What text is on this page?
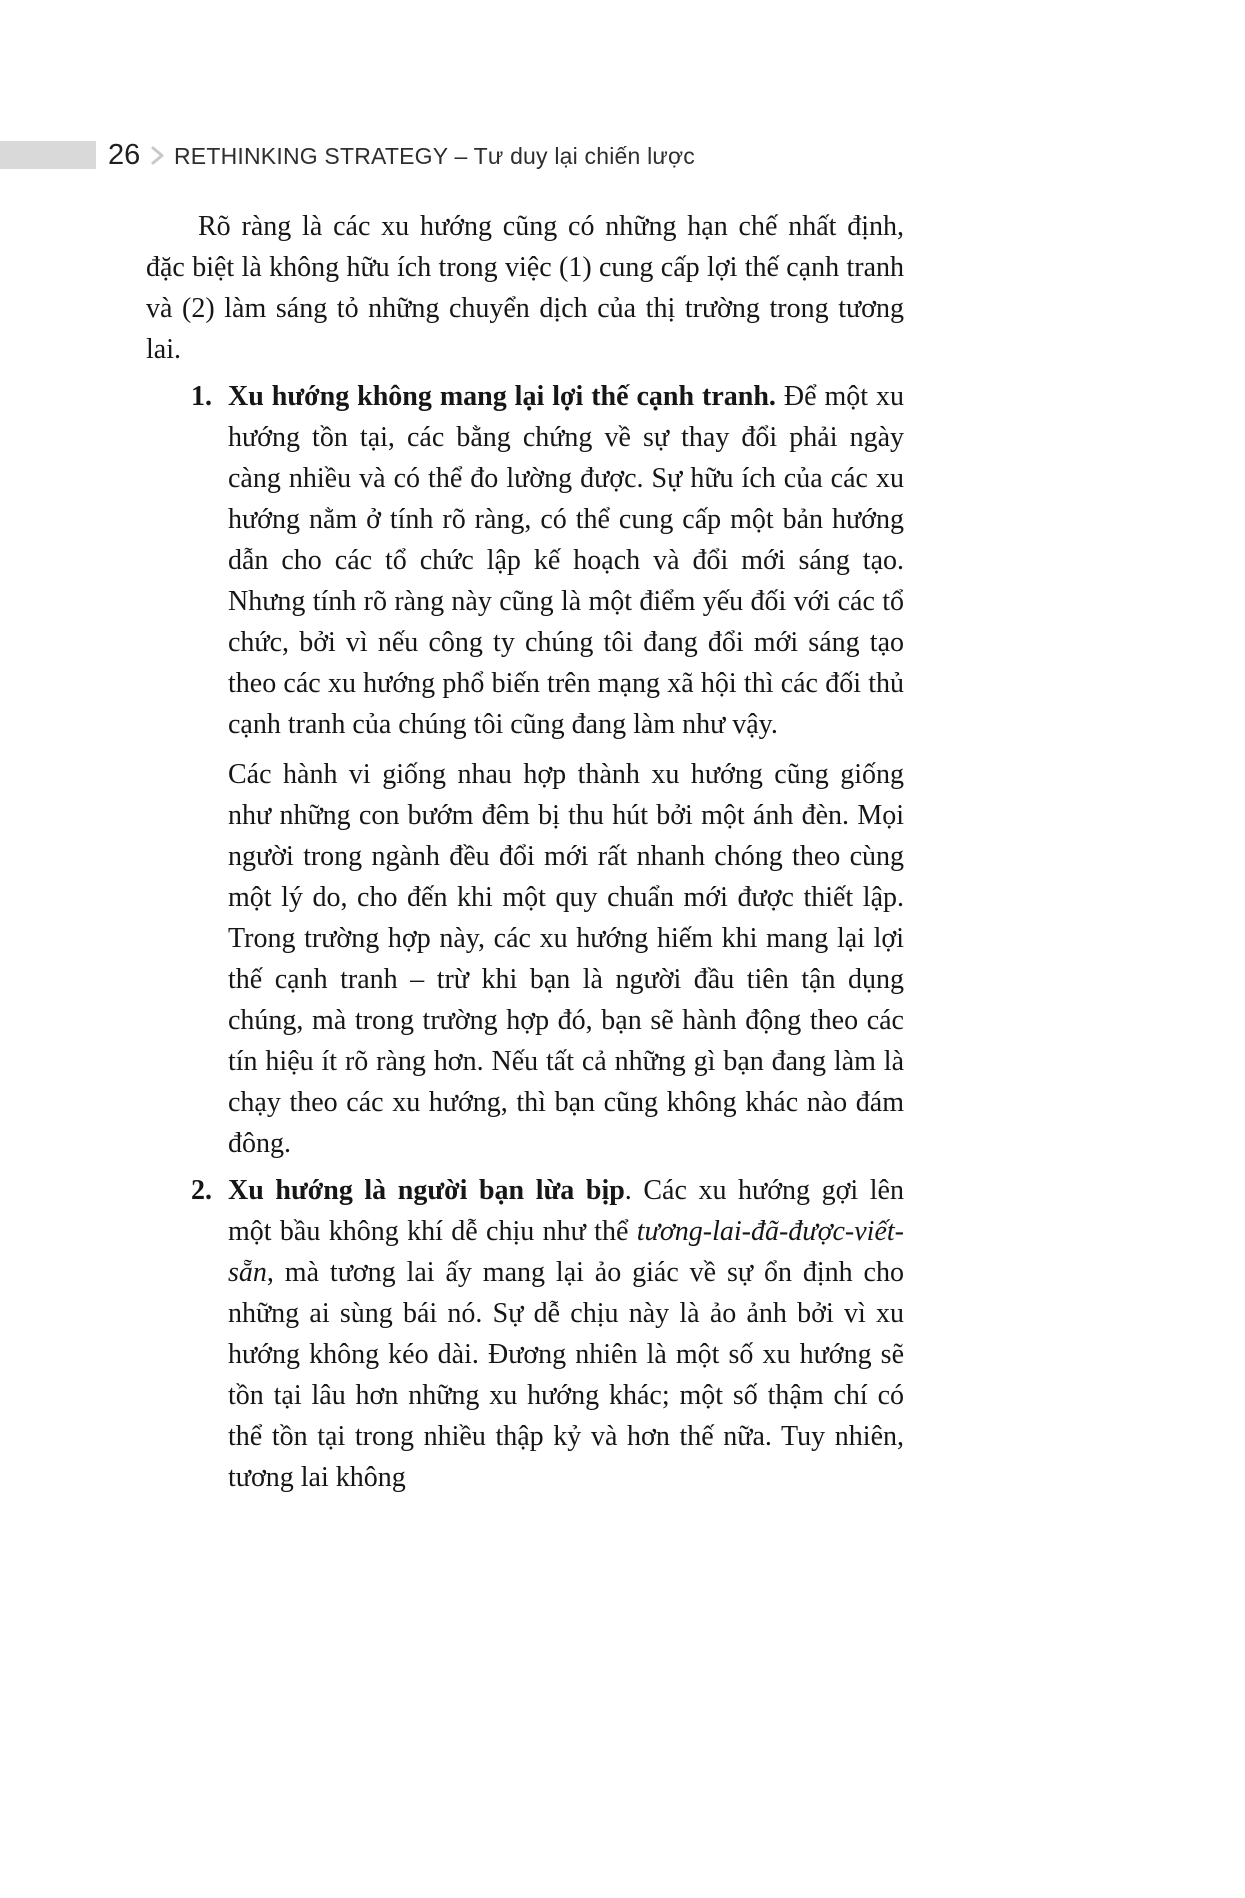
26 RETHINKING STRATEGY – Tư duy lại chiến lược

Rõ ràng là các xu hướng cũng có những hạn chế nhất định, đặc biệt là không hữu ích trong việc (1) cung cấp lợi thế cạnh tranh và (2) làm sáng tỏ những chuyển dịch của thị trường trong tương lai.

1. Xu hướng không mang lại lợi thế cạnh tranh. Để một xu hướng tồn tại, các bằng chứng về sự thay đổi phải ngày càng nhiều và có thể đo lường được. Sự hữu ích của các xu hướng nằm ở tính rõ ràng, có thể cung cấp một bản hướng dẫn cho các tổ chức lập kế hoạch và đổi mới sáng tạo. Nhưng tính rõ ràng này cũng là một điểm yếu đối với các tổ chức, bởi vì nếu công ty chúng tôi đang đổi mới sáng tạo theo các xu hướng phổ biến trên mạng xã hội thì các đối thủ cạnh tranh của chúng tôi cũng đang làm như vậy.

Các hành vi giống nhau hợp thành xu hướng cũng giống như những con bướm đêm bị thu hút bởi một ánh đèn. Mọi người trong ngành đều đổi mới rất nhanh chóng theo cùng một lý do, cho đến khi một quy chuẩn mới được thiết lập. Trong trường hợp này, các xu hướng hiếm khi mang lại lợi thế cạnh tranh – trừ khi bạn là người đầu tiên tận dụng chúng, mà trong trường hợp đó, bạn sẽ hành động theo các tín hiệu ít rõ ràng hơn. Nếu tất cả những gì bạn đang làm là chạy theo các xu hướng, thì bạn cũng không khác nào đám đông.

2. Xu hướng là người bạn lừa bịp. Các xu hướng gợi lên một bầu không khí dễ chịu như thể tương-lai-đã-được-viết-sẵn, mà tương lai ấy mang lại ảo giác về sự ổn định cho những ai sùng bái nó. Sự dễ chịu này là ảo ảnh bởi vì xu hướng không kéo dài. Đương nhiên là một số xu hướng sẽ tồn tại lâu hơn những xu hướng khác; một số thậm chí có thể tồn tại trong nhiều thập kỷ và hơn thế nữa. Tuy nhiên, tương lai không
